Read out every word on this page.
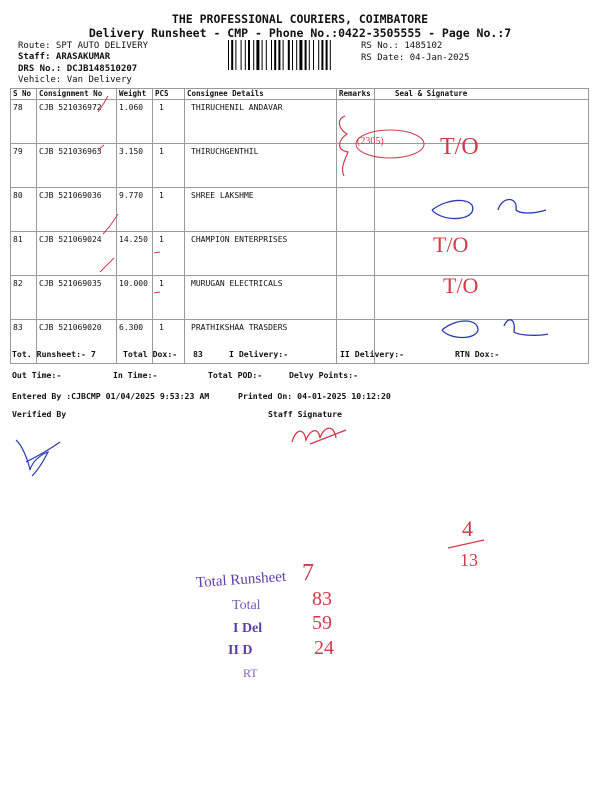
THE PROFESSIONAL COURIERS, COIMBATORE
Delivery Runsheet - CMP - Phone No.:0422-3505555 - Page No.:7
Route: SPT AUTO DELIVERY
Staff: ARASAKUMAR
DRS No.: DCJB148510207
Vehicle: Van Delivery
RS No.: 1485102
RS Date: 04-Jan-2025
S No	Consignment No	Weight	PCS	Consignee Details	Remarks	Seal & Signature
78	CJB 521036972	1.060	1	THIRUCHENIL ANDAVAR		
79	CJB 521036963	3.150	1	THIRUCHGENTHIL		
80	CJB 521069036	9.770	1	SHREE LAKSHME		
81	CJB 521069024	14.250	1	CHAMPION ENTERPRISES		
82	CJB 521069035	10.000	1	MURUGAN ELECTRICALS		
83	CJB 521069020	6.300	1	PRATHIKSHAA TRASDERS		
Tot. Runsheet:- 7	Total Dox:- 83	I Delivery:-	II Delivery:-	RTN Dox:-
Out Time:-	In Time:-	Total POD:-	Delvy Points:-
Entered By :CJBCMP 01/04/2025 9:53:23 AM	Printed On: 04-01-2025 10:12:20
Verified By	Staff Signature
(2305) T/O
T/O
T/O
4
13
Total Runsheet
Total
I Del
II D
RT
7
83
59
24
